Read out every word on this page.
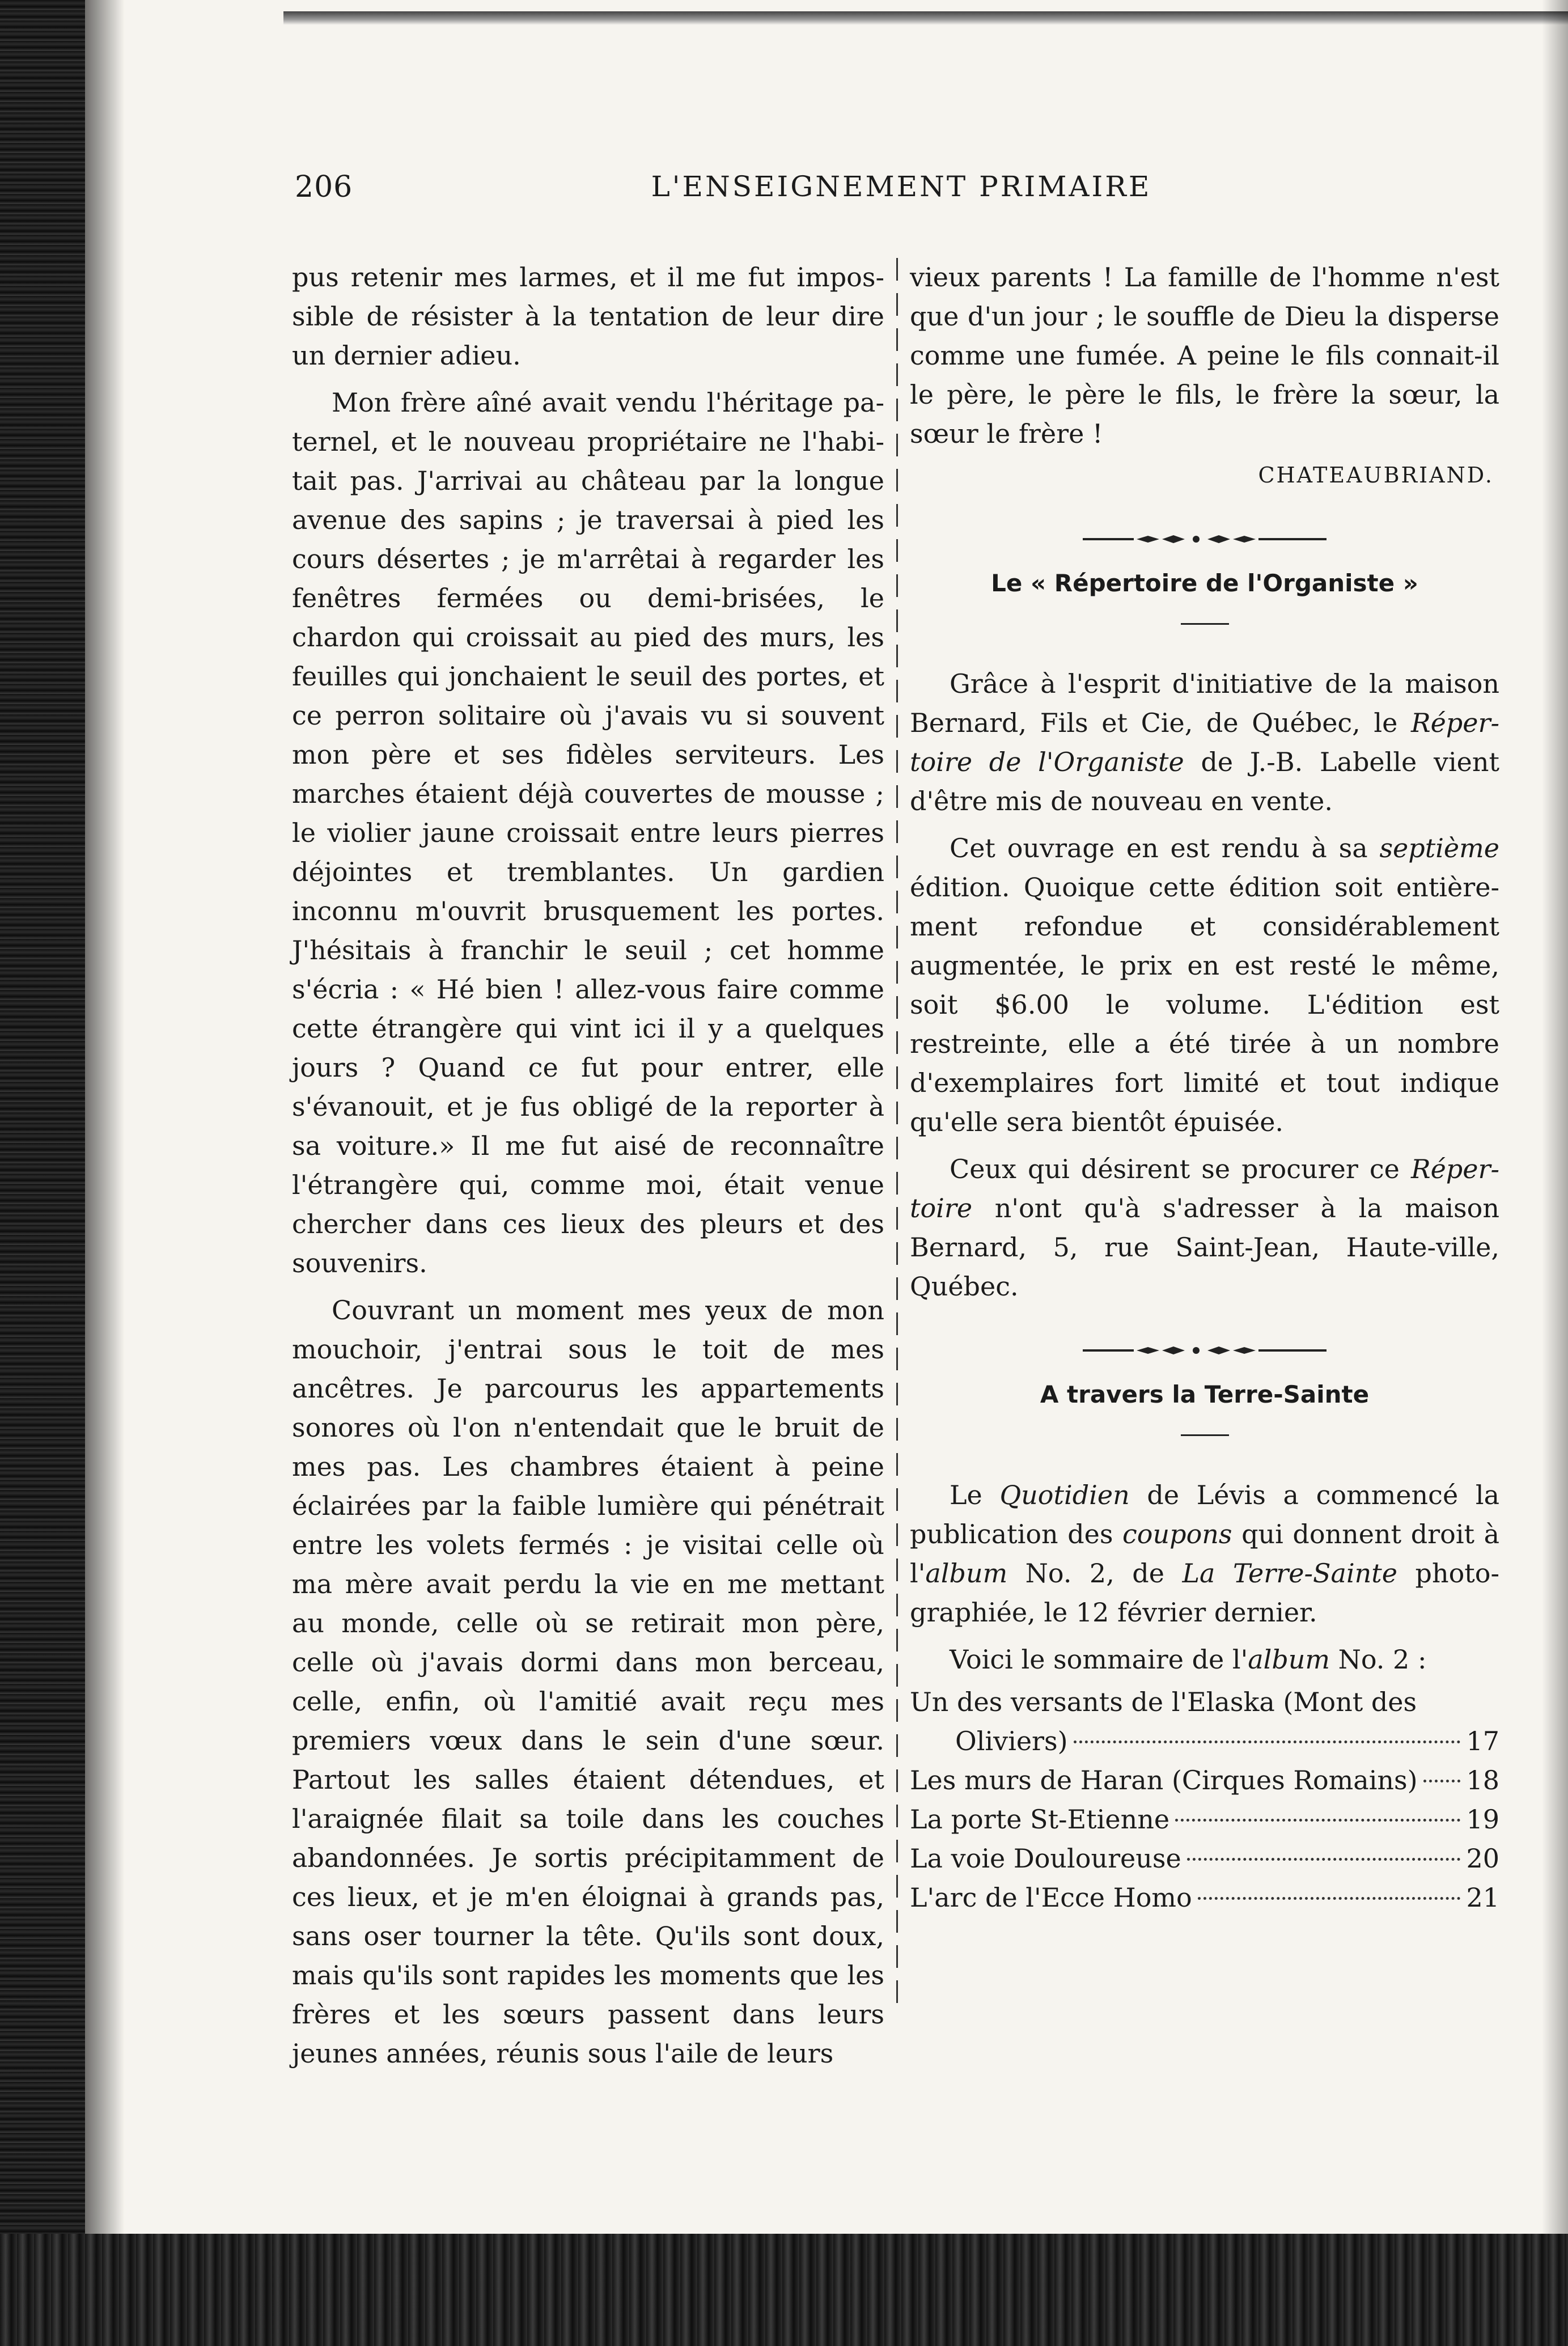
206	L'ENSEIGNEMENT PRIMAIRE

pus retenir mes larmes, et il me fut impossible de résister à la tentation de leur dire un dernier adieu.

Mon frère aîné avait vendu l'héritage paternel, et le nouveau propriétaire ne l'habitait pas. J'arrivai au château par la longue avenue des sapins ; je traversai à pied les cours désertes ; je m'arrêtai à regarder les fenêtres fermées ou demi-brisées, le chardon qui croissait au pied des murs, les feuilles qui jonchaient le seuil des portes, et ce perron solitaire où j'avais vu si souvent mon père et ses fidèles serviteurs. Les marches étaient déjà couvertes de mousse ; le violier jaune croissait entre leurs pierres déjointes et tremblantes. Un gardien inconnu m'ouvrit brusquement les portes. J'hésitais à franchir le seuil ; cet homme s'écria : « Hé bien ! allez-vous faire comme cette étrangère qui vint ici il y a quelques jours ? Quand ce fut pour entrer, elle s'évanouit, et je fus obligé de la reporter à sa voiture.» Il me fut aisé de reconnaître l'étrangère qui, comme moi, était venue chercher dans ces lieux des pleurs et des souvenirs.

Couvrant un moment mes yeux de mon mouchoir, j'entrai sous le toit de mes ancêtres. Je parcourus les appartements sonores où l'on n'entendait que le bruit de mes pas. Les chambres étaient à peine éclairées par la faible lumière qui pénétrait entre les volets fermés : je visitai celle où ma mère avait perdu la vie en me mettant au monde, celle où se retirait mon père, celle où j'avais dormi dans mon berceau, celle, enfin, où l'amitié avait reçu mes premiers vœux dans le sein d'une sœur. Partout les salles étaient détendues, et l'araignée filait sa toile dans les couches abandonnées. Je sortis précipitamment de ces lieux, et je m'en éloignai à grands pas, sans oser tourner la tête. Qu'ils sont doux, mais qu'ils sont rapides les moments que les frères et les sœurs passent dans leurs jeunes années, réunis sous l'aile de leurs

vieux parents ! La famille de l'homme n'est que d'un jour ; le souffle de Dieu la disperse comme une fumée. A peine le fils connait-il le père, le père le fils, le frère la sœur, la sœur le frère !

CHATEAUBRIAND.
Le « Répertoire de l'Organiste »

Grâce à l'esprit d'initiative de la maison Bernard, Fils et Cie, de Québec, le Répertoire de l'Organiste de J.-B. Labelle vient d'être mis de nouveau en vente.

Cet ouvrage en est rendu à sa septième édition. Quoique cette édition soit entièrement refondue et considérablement augmentée, le prix en est resté le même, soit $6.00 le volume. L'édition est restreinte, elle a été tirée à un nombre d'exemplaires fort limité et tout indique qu'elle sera bientôt épuisée.

Ceux qui désirent se procurer ce Répertoire n'ont qu'à s'adresser à la maison Bernard, 5, rue Saint-Jean, Haute-ville, Québec.

A travers la Terre-Sainte

Le Quotidien de Lévis a commencé la publication des coupons qui donnent droit à l'album No. 2, de La Terre-Sainte photographiée, le 12 février dernier.

Voici le sommaire de l'album No. 2 :

Un des versants de l'Elaska (Mont des
Oliviers)	17
Les murs de Haran (Cirques Romains) 18
La porte St-Etienne	19
La voie Douloureuse	20
L'arc de l'Ecce Homo	21
